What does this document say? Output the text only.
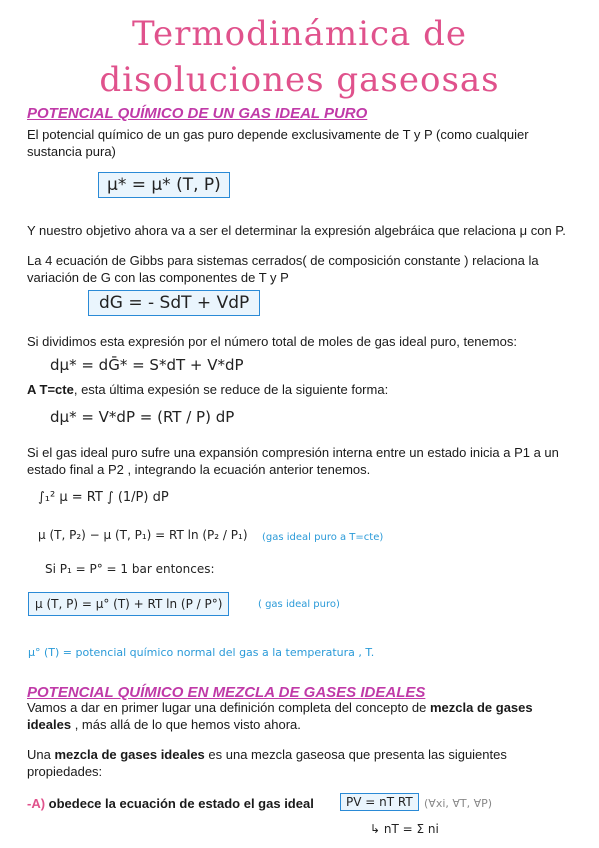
Termodinámica de
disoluciones gaseosas
POTENCIAL QUÍMICO DE UN GAS IDEAL PURO
El potencial químico de un gas puro depende exclusivamente de T y P (como cualquier sustancia pura)
μ* = μ* (T, P)
Y nuestro objetivo ahora va a ser el determinar la expresión algebráica que relaciona μ con P.
La 4 ecuación de Gibbs para sistemas cerrados( de composición constante ) relaciona la variación de G con las componentes de T y P
dG = - SdT + VdP
Si dividimos esta expresión por el número total de moles de gas ideal puro, tenemos:
dμ* = dḠ* = S*dT + V*dP
A T=cte, esta última expesión se reduce de la siguiente forma:
dμ* = V*dP = (RT / P) dP
Si el gas ideal puro sufre una expansión compresión interna entre un estado inicia a P1 a un estado final a P2 , integrando la ecuación anterior tenemos.
∫₁² μ = RT ∫ (1/P) dP
μ (T, P₂) − μ (T, P₁) = RT ln (P₂ / P₁) (gas ideal puro a T=cte)
Si P₁ = P° = 1 bar entonces:
μ (T, P) = μ° (T) + RT ln (P / P°)	( gas ideal puro)
μ° (T) = potencial químico normal del gas a la temperatura , T.
POTENCIAL QUÍMICO EN MEZCLA DE GASES IDEALES
Vamos a dar en primer lugar una definición completa del concepto de mezcla de gases ideales , más allá de lo que hemos visto ahora.
Una mezcla de gases ideales es una mezcla gaseosa que presenta las siguientes propiedades:
-A) obedece la ecuación de estado el gas ideal	PV = nT RT	(∀xi, ∀T, ∀P)
↳ nT = Σ ni
